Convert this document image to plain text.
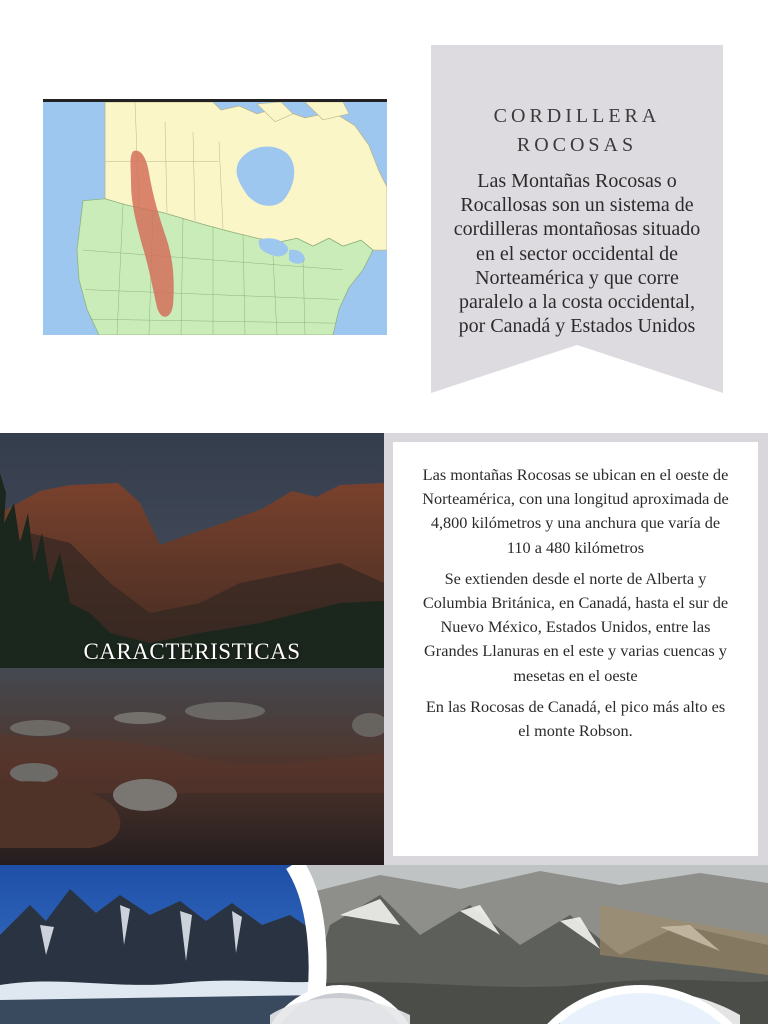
CORDILLERA
ROCOSAS
Las Montañas Rocosas o Rocallosas son un sistema de cordilleras montañosas situado en el sector occidental de Norteamérica y que corre paralelo a la costa occidental, por Canadá y Estados Unidos
CARACTERISTICAS

Las montañas Rocosas se ubican en el oeste de Norteamérica, con una longitud aproximada de 4,800 kilómetros y una anchura que varía de 110 a 480 kilómetros

Se extienden desde el norte de Alberta y Columbia Británica, en Canadá, hasta el sur de Nuevo México, Estados Unidos, entre las Grandes Llanuras en el este y varias cuencas y mesetas en el oeste

En las Rocosas de Canadá, el pico más alto es el monte Robson.
